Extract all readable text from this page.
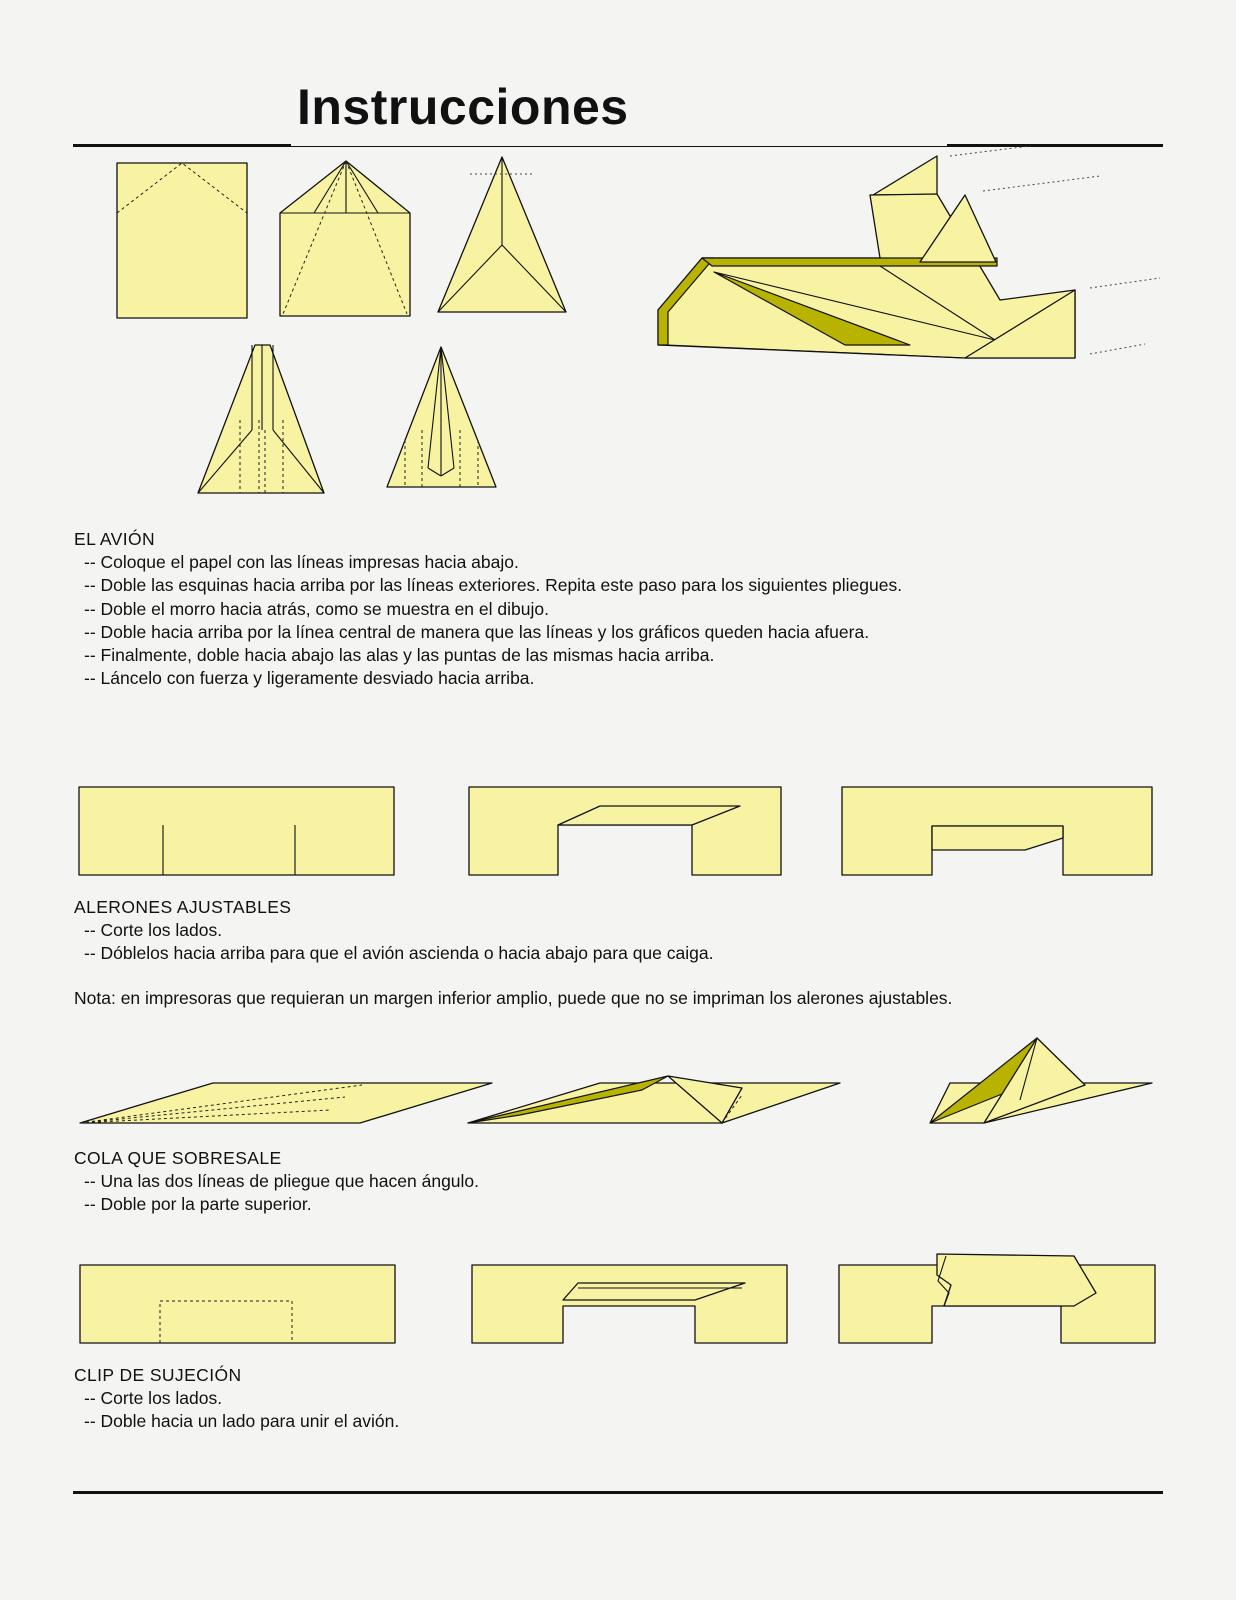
Instrucciones

EL AVIÓN

-- Coloque el papel con las líneas impresas hacia abajo.
-- Doble las esquinas hacia arriba por las líneas exteriores. Repita este paso para los siguientes pliegues.
-- Doble el morro hacia atrás, como se muestra en el dibujo.
-- Doble hacia arriba por la línea central de manera que las líneas y los gráficos queden hacia afuera.
-- Finalmente, doble hacia abajo las alas y las puntas de las mismas hacia arriba.
-- Láncelo con fuerza y ligeramente desviado hacia arriba.

ALERONES AJUSTABLES

-- Corte los lados.
-- Dóblelos hacia arriba para que el avión ascienda o hacia abajo para que caiga.

Nota: en impresoras que requieran un margen inferior amplio, puede que no se impriman los alerones ajustables.

COLA QUE SOBRESALE

-- Una las dos líneas de pliegue que hacen ángulo.
-- Doble por la parte superior.

CLIP DE SUJECIÓN

-- Corte los lados.
-- Doble hacia un lado para unir el avión.
